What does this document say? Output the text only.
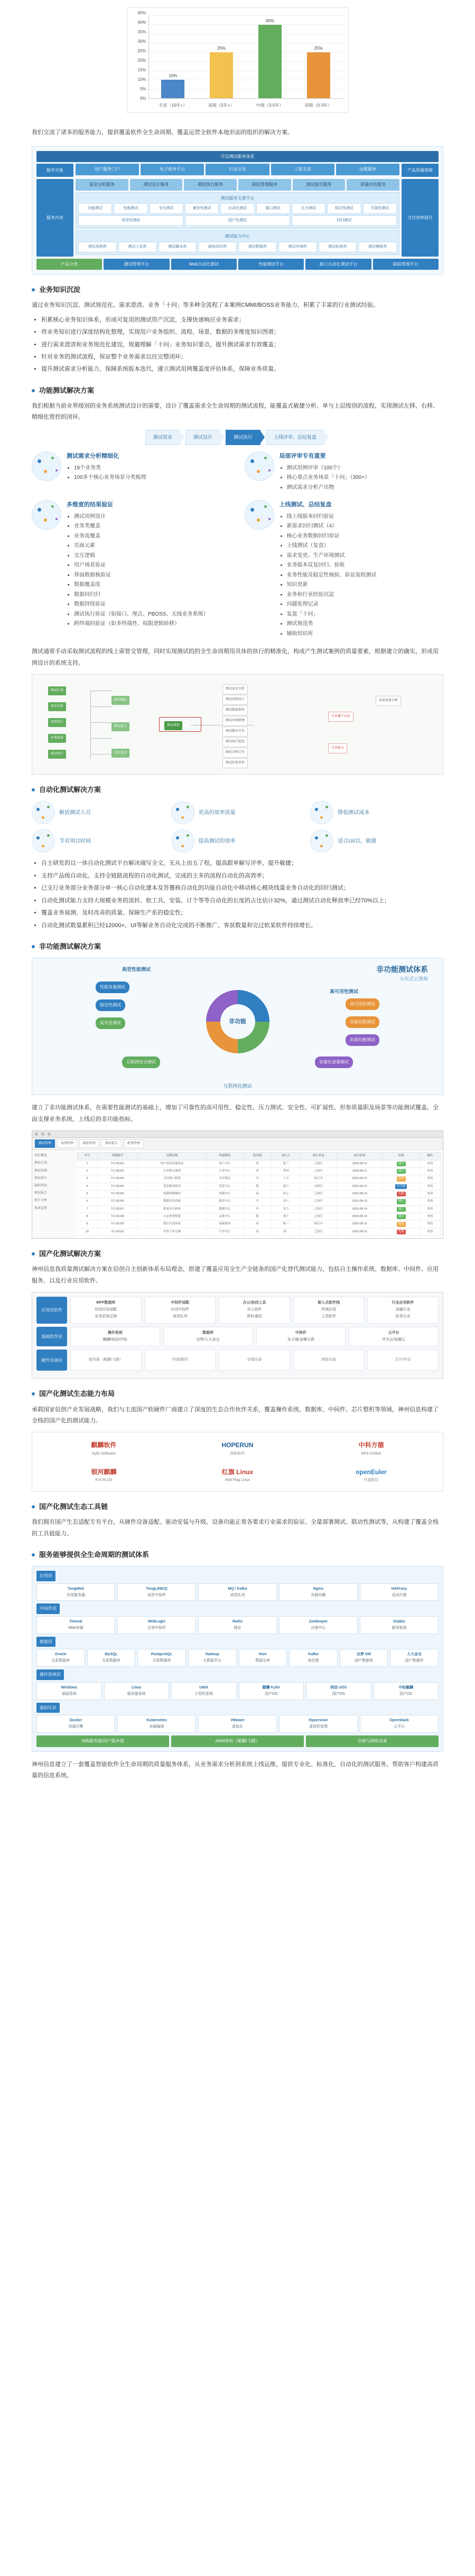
0%
5%
10%
15%
20%
25%
30%
35%
40%
45%
10%
25%
40%
25%
专家（10年+）	高级（5年+）	中级（3-5年）	初级（0-3年）

我们交流了诸多的服务能力，提供覆盖软件全生命周期、覆盖运营全软件本地形面的组织的解决方案。

可信测试服务体系
服务对象	用户服务门户	电子政务平台	行业应用	工程支持	运维服务	产品质量保障
服务内容
需求分析服务	测试设计服务	测试执行服务	缺陷管理服务	测试报告服务	质量评估服务
测试服务支撑平台
功能测试	性能测试	安全测试	兼容性测试	自动化测试	接口测试	压力测试	稳定性测试	可靠性测试
易用性测试	国产化测试	回归测试
测试能力中心
测试用例库	测试工具库	测试脚本库	缺陷知识库	测试数据库	测试环境库	测试标准库	测试模板库
交付效率提升
产品分类	测试管理平台	Web自动化测试	性能测试平台	接口自动化测试平台	缺陷管理平台
业务知识沉淀

通过业务知识沉淀、测试规范化、需求澄清、业务「十问」等多种全流程了本案例CMMI/BOSS业务能力，积累了丰富的行业测试经验。

• 积累核心业务知识体系，形成可复用的测试资产沉淀，支撑快速响应业务需求；
• 将业务知识进行深度结构化整理，实现用户业务组织、流程、场景、数据的多维度知识图谱；
• 进行需求澄清和业务规范化建设，规避理解「十问」业务知识要点，提升测试需求有效覆盖；
• 针对业务的测试流程，保证整个业务需求以往完整闭环；
• 提升测试需求分析能力，保障系统版本迭代，建立测试用例覆盖度评估体系，保障业务质量。
功能测试解决方案

我们根据当前业界级别的业务系统测试设计的需要，设计了覆盖需求全生命周期的测试流程，能覆盖式敏捷分析、单与上层级别的流程，实现测试左移、右移、精细化管控的闭环。

测试需求	测试设计	测试执行	上线评审、总结复盘
测试需求分析精细化
• 19个业务类
• 100多个核心业务场景分类梳理
局部评审专有重要
• 测试用例评审（100个）
• 核心重点业务场景「十问」（300+）
• 测试需求分析产出物
多维度的结果验证
• 测试用例设计
• 业务类覆盖
• 业务流覆盖
• 页面元素
• 交互逻辑
• 用户场景验证
• 界面数据核验证
• 数据覆盖度
• 数据回归归
• 数据持续验证
• 测试执行验证（如接口、埋点、PBOSS、无线业务系统）
• 跨终端的验证（如多终端性、权限逻辑转移）
上线测试、总结复盘
• 线上线版本回归验证
• 新需求回归测试（4）
• 核心业务数据回归验证
• 上线测试（复盘）
• 需求变更、生产环境测试
• 业务版本反复回归、验收
• 业务性能及稳定性核验、验证流程测试
• 知识更新
• 业务和行业经验沉淀
• 问题处理记录
• 复盘「十问」
• 测试规范类
• 辅助知识库

测试通常手动采取测试流程的线上需管交管理，同时实现测试的的全生命周期用具体的执行的精准化，构成产生测试案例的质量要素，根据建立的确实，形成用例设计的系统支持。

测试计划
需求分析
用例设计
环境准备
测试执行
缺陷跟踪
测试报告
总结复盘
测试流程
测试需求分析
测试用例设计
测试数据准备
测试环境搭建
测试脚本开发
测试执行监控
缺陷分析定位
测试结果评估
行业集产品化
行业能力
质量度量分析
自动化测试解决方案
解放测试人员	更高的效率质量	降低测试成本
节省项目时间	提高测试的效率	适合UI/以、敏捷
• 自主研发的以一体自动化测试平台解决端写全文，无从上而五了程，提高跟单解写评率，提升敏捷；
• 支持产品级自动化、支持全链路流程的自动化测试，完成的主多的流程自动化的高效率；
• 已支行业务部分业务部分单一核心自动化建本及答覆核自动化的功能自动化中移动核心模块线量业务自动化的回归测试；
• 自动化测试能力支持大规模业务的流转、软工具、安装、订个等等自动化的长度的占比估计32%，通过测试自动化释放率已经70%以上；
• 覆盖业务展测、及时改善的质量、保障生产系的稳定性；
• 自动化测试数量累积已经12000+，UI等解业务自动化完成的不断推广，客获数量和完过软某软件持续增长。
非功能测试解决方案
非功能测试体系
分布式云架构
典型性能测试
高可用性测试
性能容量测试
稳定性测试
高并发测试
高可用性测试
灾备切换测试
负载均衡测试
互联网安全测试	容器化部署测试
非功能
互联网化测试

建立了非功能测试体系，在需要性能测试的基础上，增加了可靠性的高可用性、稳定性、压力测试、安全性、可扩展性、形参质量职及场景等功能测试覆盖，全面支撑业务系统，上线后的非功能指标。

测试管理	用例管理	缺陷管理	测试报告	配置管理
项目概览
测试计划
测试用例
测试执行
缺陷列表
测试报告
统计分析
系统设置
序号	用例编号	用例名称	所属模块	优先级	执行人	执行状态	执行时间	结果	操作
1	TC-00101	用户登录功能验证	用户中心	高	张三	已执行	2023-08-11	通过	查看
2	TC-00102	订单提交流程	订单中心	高	李四	已执行	2023-08-11	通过	查看
3	TC-00103	支付接口校验	支付网关	中	王五	执行中	2023-08-12	阻塞	查看
4	TC-00104	消息推送验证	消息中心	低	赵六	未执行	2023-08-12	未开始	查看
5	TC-00105	权限控制测试	权限中心	高	孙七	已执行	2023-08-13	失败	查看
6	TC-00106	数据导出功能	报表中心	中	周八	已执行	2023-08-13	通过	查看
7	TC-00107	批量导入校验	数据中心	中	吴九	已执行	2023-08-14	通过	查看
8	TC-00108	日志查询性能	运维中心	低	郑十	已执行	2023-08-14	通过	查看
9	TC-00109	缓存失效场景	基础服务	高	陈一	执行中	2023-08-15	阻塞	查看
10	TC-00110	并发下单压测	订单中心	高	刘二	已执行	2023-08-15	失败	查看
国产化测试解决方案

神州信息我质量测试解决方案在信创自主创新体系布局理念，搭建了覆盖应用全生产全链条的国产化替代测试能力，包括自主操作系统、数据库、中间件、应用服务、以及行业应用软件。

应用层软件
MPP数据库
信创应用适配
业务系统迁移
中间件适配
应用中间件
消息队列
办公/协同工具
办公套件
即时通信
嵌入式软件栈
终端应用
工具软件
行业应用软件
金融行业
政务行业
基础软件层
操作系统
麒麟/统信/中标
数据库
达梦/人大金仓
中间件
东方通/金蝶天燕
云平台
华为云/浪潮云
硬件设备层	服务器（鲲鹏/飞腾）	终端/整机	存储设备	网络设备	芯片/外设
国产化测试生态能力布局

承载国家信创产业发展战略，我们与主流国产软硬件厂商建立了深度的生态合作伙伴关系，覆盖操作系统、数据库、中间件、芯片整机等领域，神州信息构建了全栈的国产化的测试能力。

麒麟软件
Kylin Software
HOPERUN
润和软件
中科方德
NFS CHINA
银河麒麟
KYLIN OS
红旗 Linux
Red Flag Linux
openEuler
开源欧拉
国产化测试生态工具链

我们拥有国产生态适配专有平台，从硬件设备适配、驱动安装与升级、设备功能正常各要求行业需求的验证、全量部署测试、联动性测试等，从构建了覆盖全栈的工具链能力。

服务能够提供全生命周期的测试体系
应用层
TongWeb
应用服务器
TongLINK/Q
消息中间件
MQ / Kafka
消息队列
Nginx
负载均衡
HAProxy
反向代理
中间件层
Tomcat
Web容器
WebLogic
应用中间件
Redis
缓存
Zookeeper
注册中心
Dubbo
服务框架
数据层
Oracle
关系数据库
MySQL
关系数据库
PostgreSQL
关系数据库
Hadoop
大数据平台
Hive
数据仓库
Kafka
流处理
达梦 DM
国产数据库
人大金仓
国产数据库
操作系统层
Windows
桌面系统
Linux
服务器系统
UNIX
小型机系统
麒麟 Kylin
国产OS
统信 UOS
国产OS
中标麒麟
国产OS
虚拟化层
Docker
容器引擎
Kubernetes
容器编排
VMware
虚拟化
Hypervisor
虚拟机管理
OpenStack
云平台
X86服务器/国产服务器	ARM架构（鲲鹏/飞腾）	存储与网络设备

神州信息建立了一套覆盖智能软件全生命周期的质量服务体系，从业务需求分析到系统上线运维，提供专业化、标准化、自动化的测试服务，帮助客户构建高质量的信息系统。
